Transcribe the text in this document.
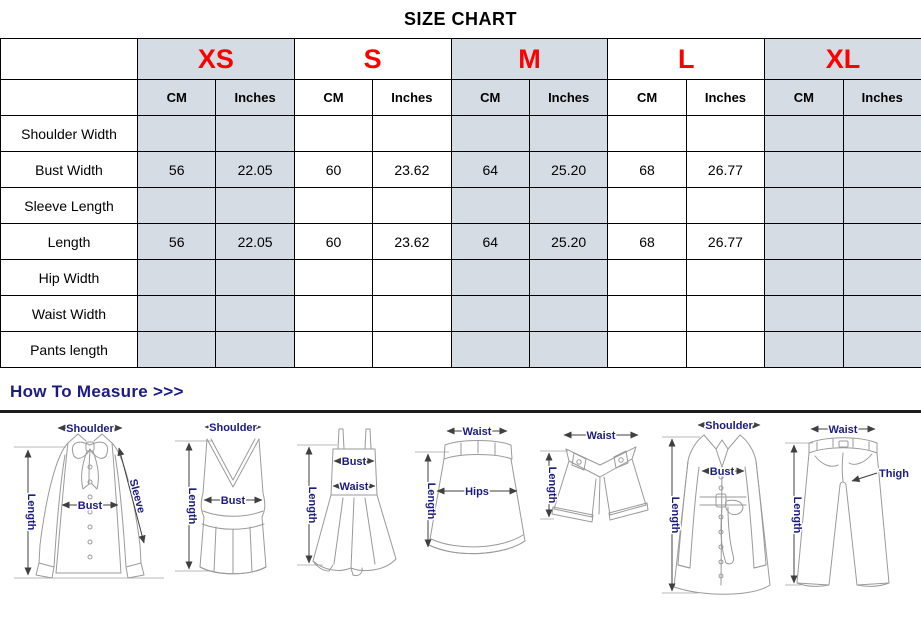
SIZE CHART
	XS		S		M		L		XL	
	CM	Inches	CM	Inches	CM	Inches	CM	Inches	CM	Inches
Shoulder Width										
Bust Width	56	22.05	60	23.62	64	25.20	68	26.77		
Sleeve Length										
Length	56	22.05	60	23.62	64	25.20	68	26.77		
Hip Width										
Waist Width										
Pants length										
How To Measure >>>
Shoulder
Bust
Length	Sleeve
Shoulder
Bust
Length
Bust
Waist
Length
Waist
Hips
Length
Waist
Length
Shoulder
Bust
Length
Waist
Thigh
Length
